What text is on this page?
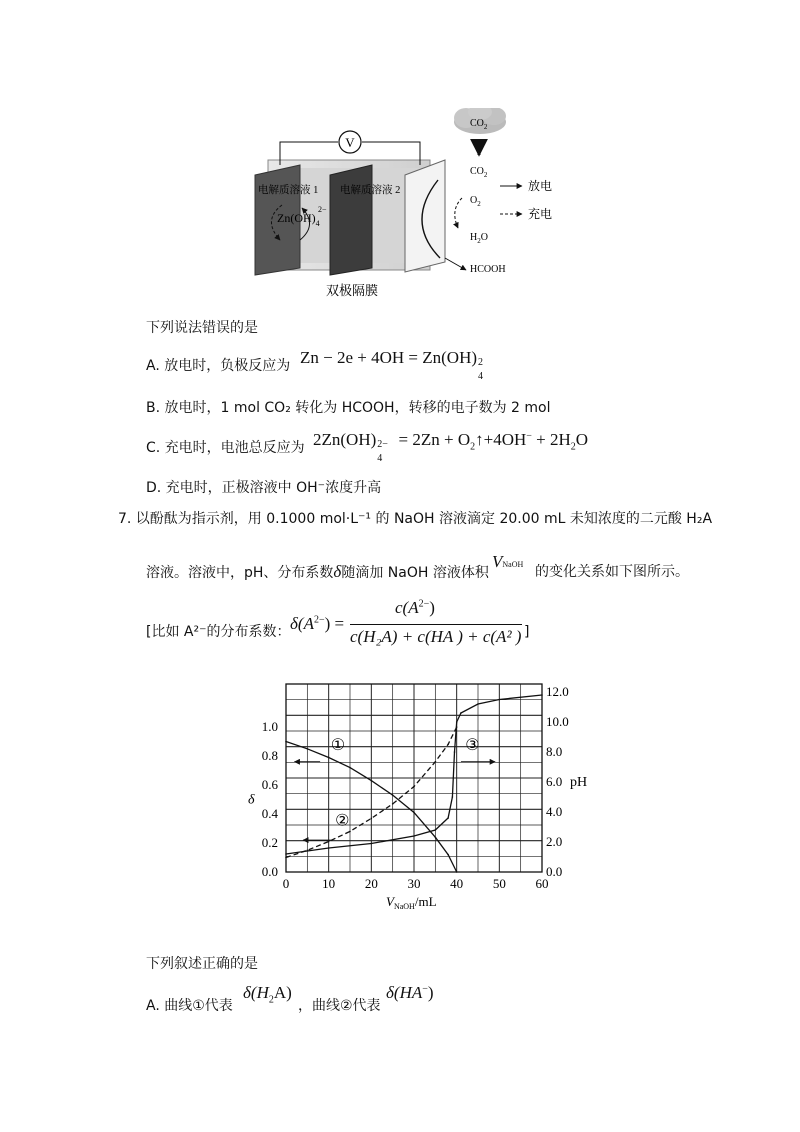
V
电解质溶液 1 电解质溶液 2
$Zn(OH)_4$
2−
$CO_2$
$CO_2$
$O_2$
$H_2O$
HCOOH
放电
充电
双极隔膜
下列说法错误的是
A. 放电时，负极反应为 Zn − 2e + 4OH = Zn(OH) 2
4
B. 放电时，1 mol CO₂ 转化为 HCOOH，转移的电子数为 2 mol
C. 充电时，电池总反应为 2Zn(OH) 2−
4
= $2Zn + O_2↑+4OH^- + 2H_2O$
D. 充电时，正极溶液中 OH⁻浓度升高
7. 以酚酞为指示剂，用 0.1000 mol·L⁻¹ 的 NaOH 溶液滴定 20.00 mL 未知浓度的二元酸 H₂A
溶液。溶液中，pH、分布系数δ随滴加 NaOH 溶液体积
VNaOH 的变化关系如下图所示。
[比如 A²⁻的分布系数： $\delta(A^{2-})$ =
$c(A^{2-})$
c(H₂A) + c(HA ) + c(A² ) ]
0	10 20 30 40 50 60
0.0
0.2
0.4
0.6
0.8
1.0
0.0
2.0
4.0
6.0
8.0
10.0
12.0
δ
pH
$V_{NaOH}/mL$
①
②
③
下列叙述正确的是
A. 曲线①代表
$\delta(H_2A)$
，曲线②代表
δ(HA−)
